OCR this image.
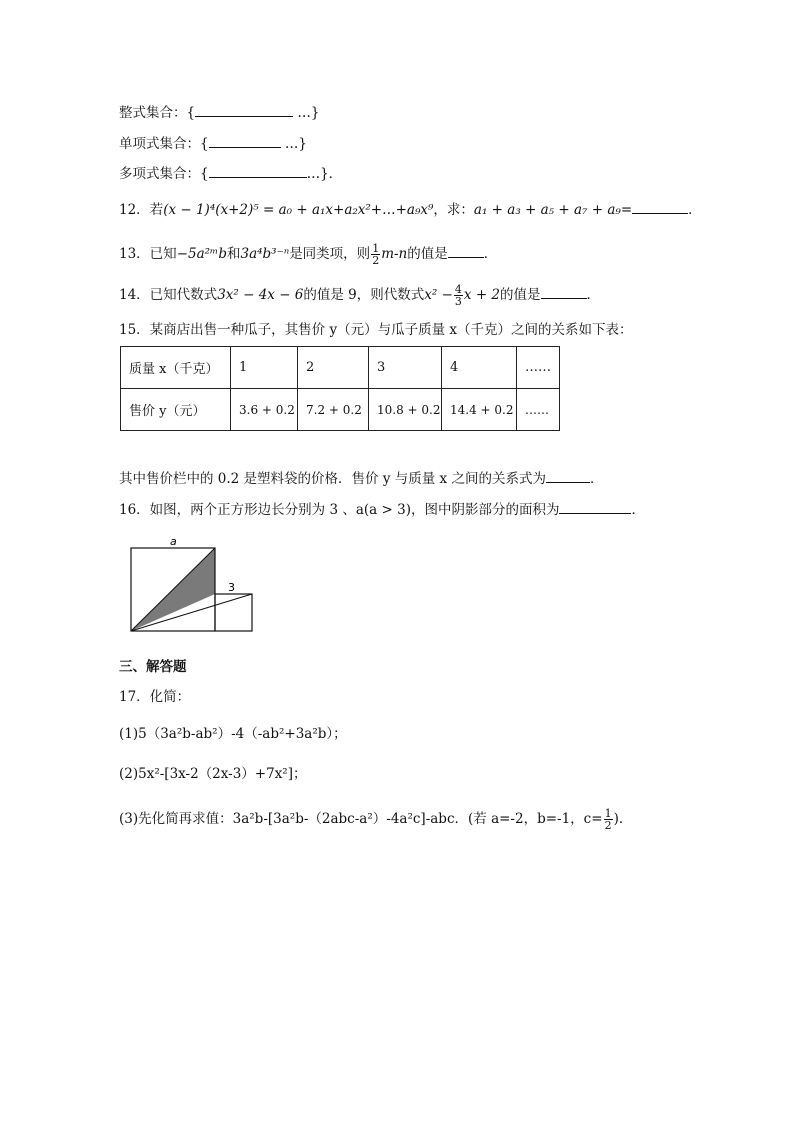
整式集合：{	…}
单项式集合：{	…}
多项式集合：{	…}．
12．若(x − 1)⁴(x+2)⁵ = a₀ + a₁x+a₂x²+…+a₉x⁹，求：a₁ + a₃ + a₅ + a₇ + a₉=	．
13．已知−5a²ᵐb和3a⁴b³⁻ⁿ是同类项，则 $\frac{1}{2} m-n$的值是	．
14．已知代数式3x² − 4x − 6的值是 9，则代数式$x^2 - \frac{4}{3}$ x + 2的值是	．
15．某商店出售一种瓜子，其售价 y（元）与瓜子质量 x（千克）之间的关系如下表：
质量 x（千克）	1	2	3	4	……
售价 y（元）	3.6 + 0.2	7.2 + 0.2	10.8 + 0.2	14.4 + 0.2	……
其中售价栏中的 0.2 是塑料袋的价格．售价 y 与质量 x 之间的关系式为	．
16．如图，两个正方形边长分别为 3 、a(a > 3)，图中阴影部分的面积为	．
a
3
三、解答题
17．化简：
(1)5（3a²b-ab²）-4（-ab²+3a²b）；
(2)5x²-[3x-2（2x-3）+7x²]；
(3)先化简再求值：3a²b-[3a²b-（2abc-a²）-4a²c]-abc．(若 a=-2，b=-1，$c= \frac{1}{2}$ )．
